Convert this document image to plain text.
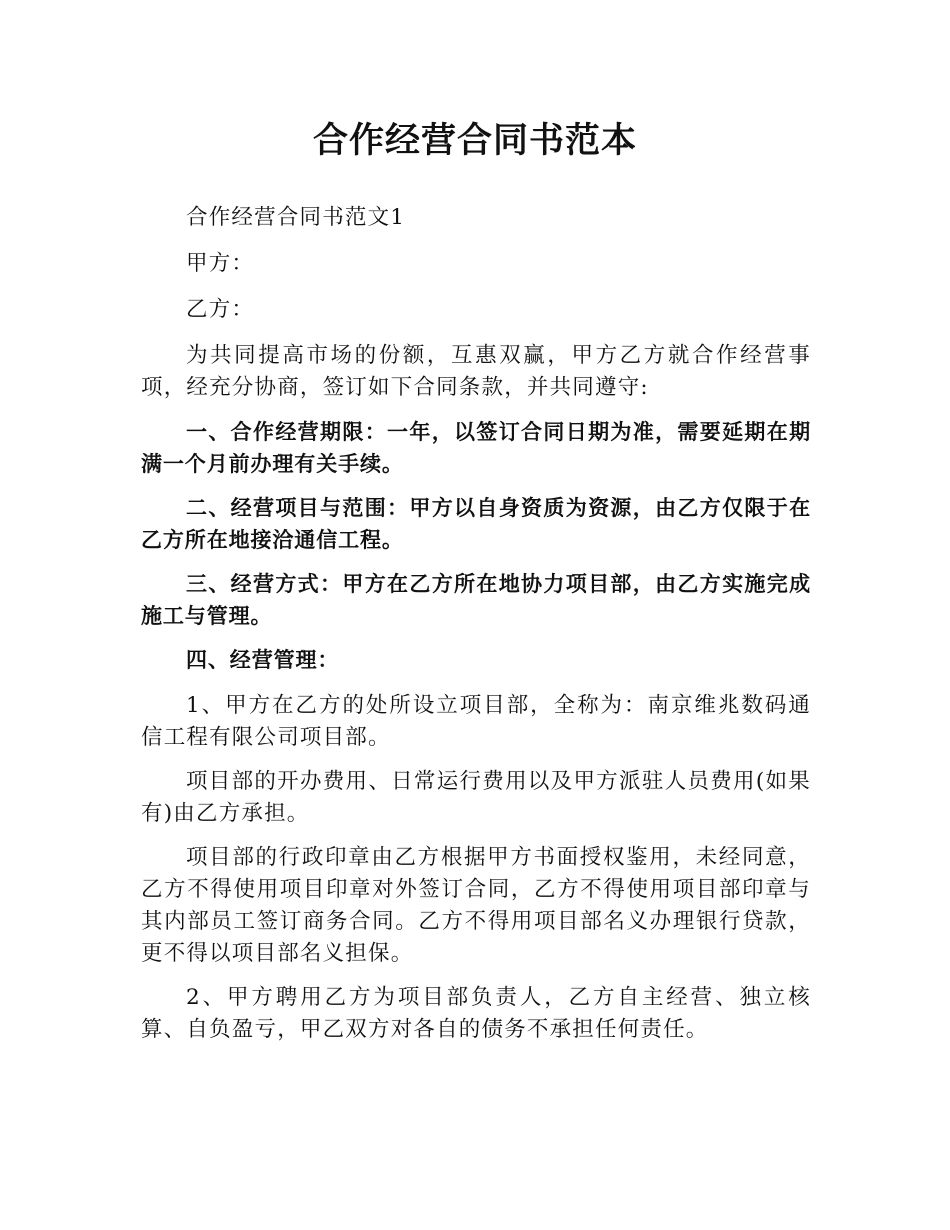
合作经营合同书范本

合作经营合同书范文1

甲方：

乙方：

为共同提高市场的份额，互惠双赢，甲方乙方就合作经营事项，经充分协商，签订如下合同条款，并共同遵守:

一、合作经营期限：一年，以签订合同日期为准，需要延期在期满一个月前办理有关手续。

二、经营项目与范围：甲方以自身资质为资源，由乙方仅限于在乙方所在地接洽通信工程。

三、经营方式：甲方在乙方所在地协力项目部，由乙方实施完成施工与管理。

四、经营管理：

1、甲方在乙方的处所设立项目部，全称为：南京维兆数码通信工程有限公司项目部。

项目部的开办费用、日常运行费用以及甲方派驻人员费用(如果有)由乙方承担。

项目部的行政印章由乙方根据甲方书面授权鉴用，未经同意，乙方不得使用项目印章对外签订合同，乙方不得使用项目部印章与其内部员工签订商务合同。乙方不得用项目部名义办理银行贷款，更不得以项目部名义担保。

2、甲方聘用乙方为项目部负责人，乙方自主经营、独立核算、自负盈亏，甲乙双方对各自的债务不承担任何责任。
